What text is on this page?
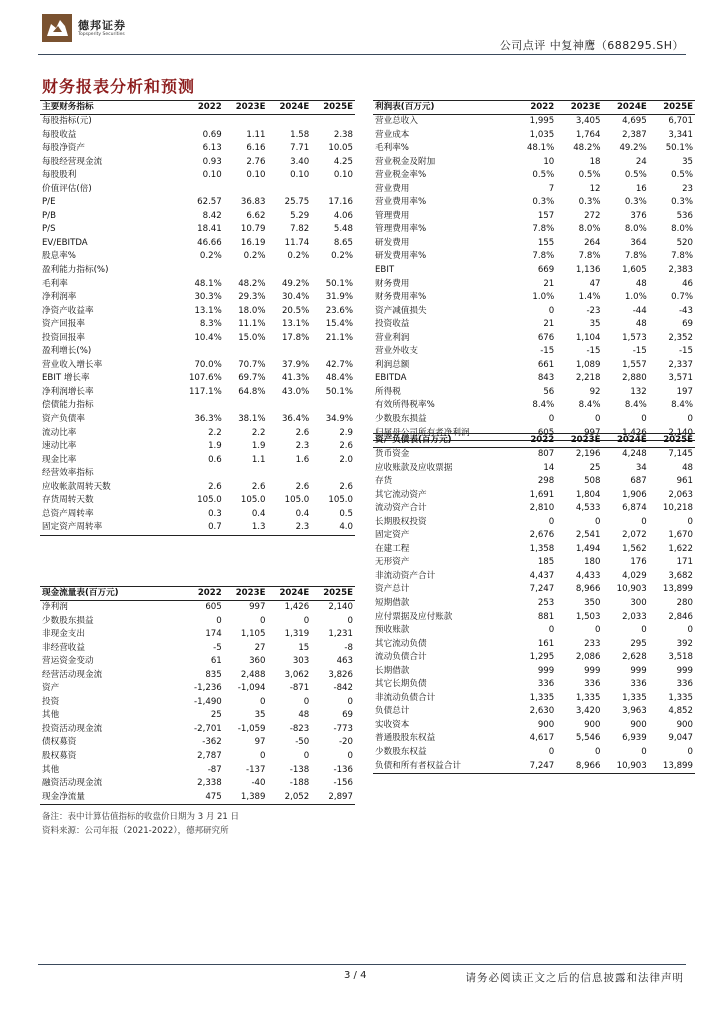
德邦证券
Topsperity Securities
公司点评 中复神鹰（688295.SH）
财务报表分析和预测
主要财务指标	2022	2023E	2024E	2025E
每股指标(元)				
每股收益	0.69	1.11	1.58	2.38
每股净资产	6.13	6.16	7.71	10.05
每股经营现金流	0.93	2.76	3.40	4.25
每股股利	0.10	0.10	0.10	0.10
价值评估(倍)				
P/E	62.57	36.83	25.75	17.16
P/B	8.42	6.62	5.29	4.06
P/S	18.41	10.79	7.82	5.48
EV/EBITDA	46.66	16.19	11.74	8.65
股息率%	0.2%	0.2%	0.2%	0.2%
盈利能力指标(%)				
毛利率	48.1%	48.2%	49.2%	50.1%
净利润率	30.3%	29.3%	30.4%	31.9%
净资产收益率	13.1%	18.0%	20.5%	23.6%
资产回报率	8.3%	11.1%	13.1%	15.4%
投资回报率	10.4%	15.0%	17.8%	21.1%
盈利增长(%)				
营业收入增长率	70.0%	70.7%	37.9%	42.7%
EBIT 增长率	107.6%	69.7%	41.3%	48.4%
净利润增长率	117.1%	64.8%	43.0%	50.1%
偿债能力指标				
资产负债率	36.3%	38.1%	36.4%	34.9%
流动比率	2.2	2.2	2.6	2.9
速动比率	1.9	1.9	2.3	2.6
现金比率	0.6	1.1	1.6	2.0
经营效率指标				
应收帐款周转天数	2.6	2.6	2.6	2.6
存货周转天数	105.0	105.0	105.0	105.0
总资产周转率	0.3	0.4	0.4	0.5
固定资产周转率	0.7	1.3	2.3	4.0
利润表(百万元)	2022	2023E	2024E	2025E
营业总收入	1,995	3,405	4,695	6,701
营业成本	1,035	1,764	2,387	3,341
毛利率%	48.1%	48.2%	49.2%	50.1%
营业税金及附加	10	18	24	35
营业税金率%	0.5%	0.5%	0.5%	0.5%
营业费用	7	12	16	23
营业费用率%	0.3%	0.3%	0.3%	0.3%
管理费用	157	272	376	536
管理费用率%	7.8%	8.0%	8.0%	8.0%
研发费用	155	264	364	520
研发费用率%	7.8%	7.8%	7.8%	7.8%
EBIT	669	1,136	1,605	2,383
财务费用	21	47	48	46
财务费用率%	1.0%	1.4%	1.0%	0.7%
资产减值损失	0	-23	-44	-43
投资收益	21	35	48	69
营业利润	676	1,104	1,573	2,352
营业外收支	-15	-15	-15	-15
利润总额	661	1,089	1,557	2,337
EBITDA	843	2,218	2,880	3,571
所得税	56	92	132	197
有效所得税率%	8.4%	8.4%	8.4%	8.4%
少数股东损益	0	0	0	0
归属母公司所有者净利润	605	997	1,426	2,140
资产负债表(百万元)	2022	2023E	2024E	2025E
货币资金	807	2,196	4,248	7,145
应收账款及应收票据	14	25	34	48
存货	298	508	687	961
其它流动资产	1,691	1,804	1,906	2,063
流动资产合计	2,810	4,533	6,874	10,218
长期股权投资	0	0	0	0
固定资产	2,676	2,541	2,072	1,670
在建工程	1,358	1,494	1,562	1,622
无形资产	185	180	176	171
非流动资产合计	4,437	4,433	4,029	3,682
资产总计	7,247	8,966	10,903	13,899
短期借款	253	350	300	280
应付票据及应付账款	881	1,503	2,033	2,846
预收账款	0	0	0	0
其它流动负债	161	233	295	392
流动负债合计	1,295	2,086	2,628	3,518
长期借款	999	999	999	999
其它长期负债	336	336	336	336
非流动负债合计	1,335	1,335	1,335	1,335
负债总计	2,630	3,420	3,963	4,852
实收资本	900	900	900	900
普通股股东权益	4,617	5,546	6,939	9,047
少数股东权益	0	0	0	0
负债和所有者权益合计	7,247	8,966	10,903	13,899
现金流量表(百万元)	2022	2023E	2024E	2025E
净利润	605	997	1,426	2,140
少数股东损益	0	0	0	0
非现金支出	174	1,105	1,319	1,231
非经营收益	-5	27	15	-8
营运资金变动	61	360	303	463
经营活动现金流	835	2,488	3,062	3,826
资产	-1,236	-1,094	-871	-842
投资	-1,490	0	0	0
其他	25	35	48	69
投资活动现金流	-2,701	-1,059	-823	-773
债权募资	-362	97	-50	-20
股权募资	2,787	0	0	0
其他	-87	-137	-138	-136
融资活动现金流	2,338	-40	-188	-156
现金净流量	475	1,389	2,052	2,897
备注：表中计算估值指标的收盘价日期为 3 月 21 日
资料来源：公司年报（2021-2022），德邦研究所
3 / 4	请务必阅读正文之后的信息披露和法律声明
